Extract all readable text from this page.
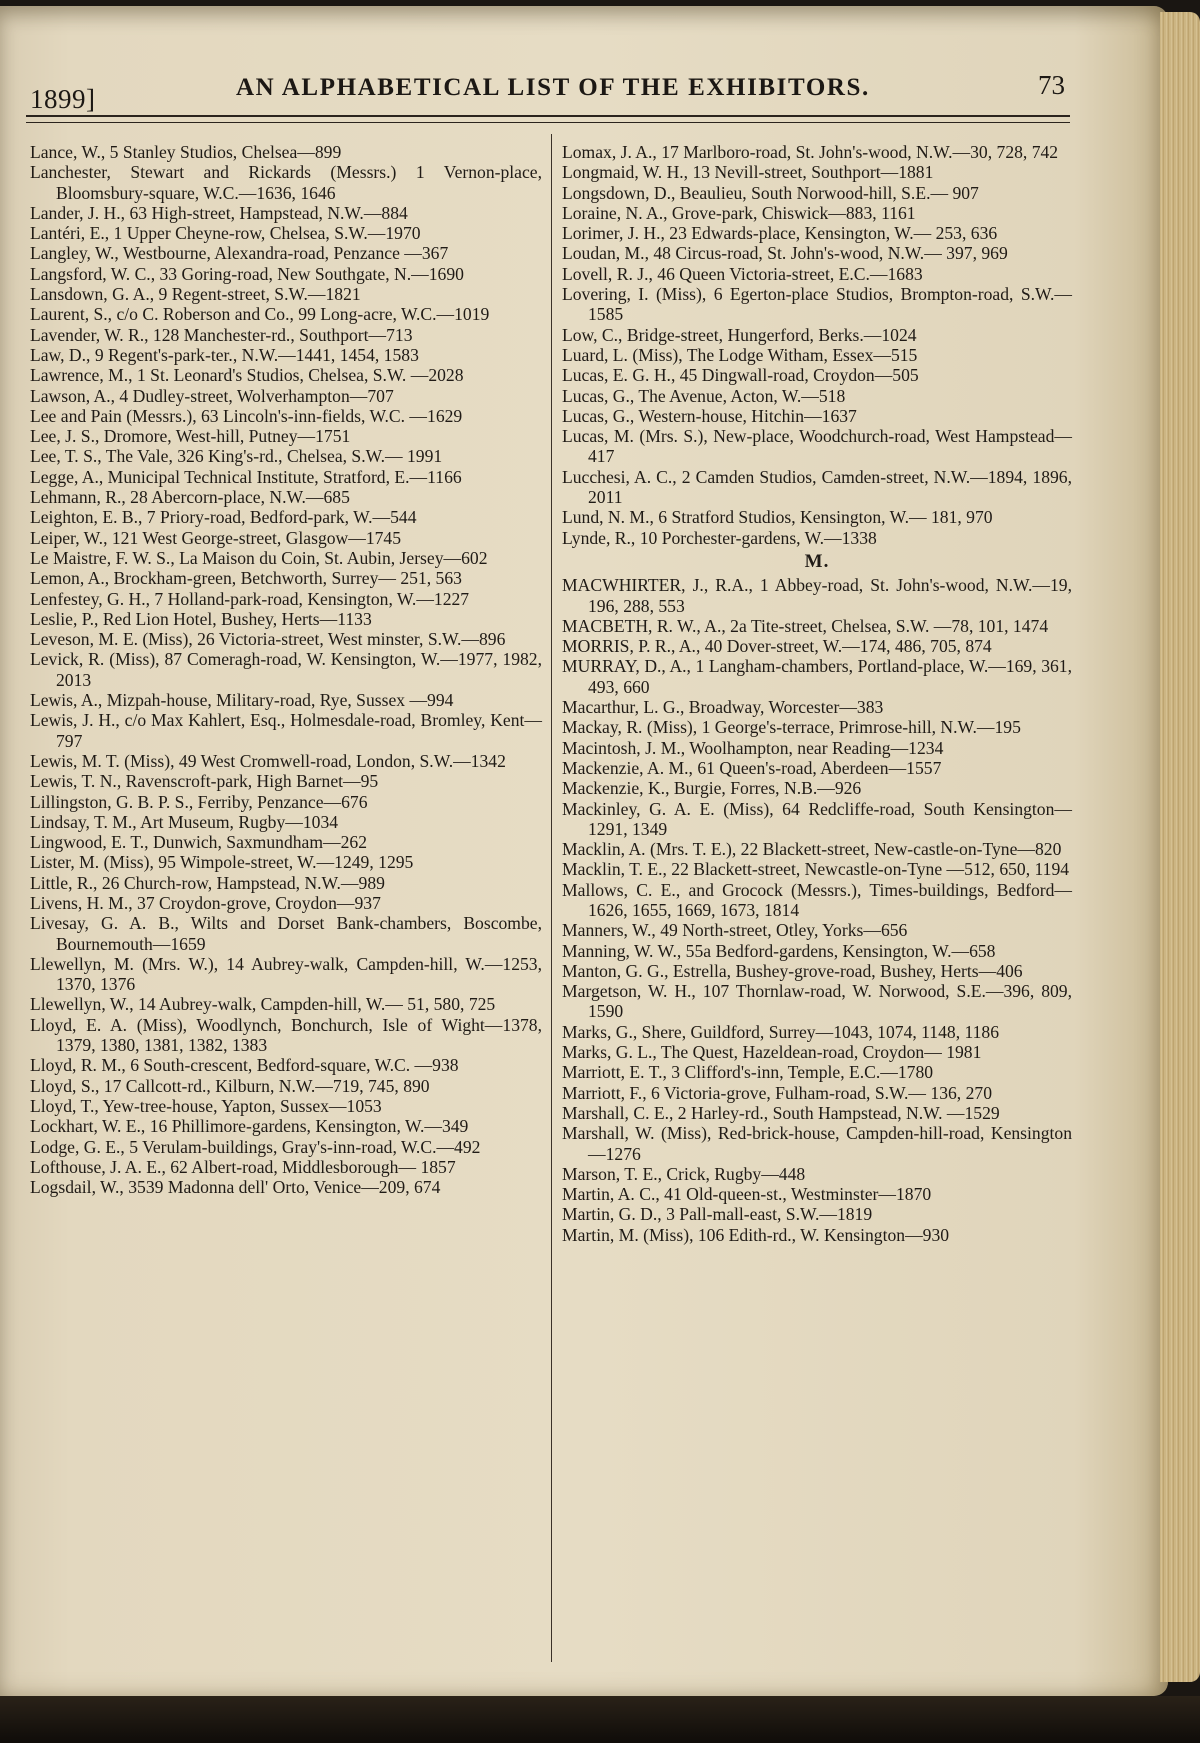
1899]	AN ALPHABETICAL LIST OF THE EXHIBITORS.	73

Lance, W., 5 Stanley Studios, Chelsea—899

Lanchester, Stewart and Rickards (Messrs.) 1 Vernon-place, Bloomsbury-square, W.C.—1636, 1646

Lander, J. H., 63 High-street, Hampstead, N.W.—884

Lantéri, E., 1 Upper Cheyne-row, Chelsea, S.W.—1970

Langley, W., Westbourne, Alexandra-road, Penzance —367

Langsford, W. C., 33 Goring-road, New Southgate, N.—1690

Lansdown, G. A., 9 Regent-street, S.W.—1821

Laurent, S., c/o C. Roberson and Co., 99 Long-acre, W.C.—1019

Lavender, W. R., 128 Manchester-rd., Southport—713

Law, D., 9 Regent's-park-ter., N.W.—1441, 1454, 1583

Lawrence, M., 1 St. Leonard's Studios, Chelsea, S.W. —2028

Lawson, A., 4 Dudley-street, Wolverhampton—707

Lee and Pain (Messrs.), 63 Lincoln's-inn-fields, W.C. —1629

Lee, J. S., Dromore, West-hill, Putney—1751

Lee, T. S., The Vale, 326 King's-rd., Chelsea, S.W.— 1991

Legge, A., Municipal Technical Institute, Stratford, E.—1166

Lehmann, R., 28 Abercorn-place, N.W.—685

Leighton, E. B., 7 Priory-road, Bedford-park, W.—544

Leiper, W., 121 West George-street, Glasgow—1745

Le Maistre, F. W. S., La Maison du Coin, St. Aubin, Jersey—602

Lemon, A., Brockham-green, Betchworth, Surrey— 251, 563

Lenfestey, G. H., 7 Holland-park-road, Kensington, W.—1227

Leslie, P., Red Lion Hotel, Bushey, Herts—1133

Leveson, M. E. (Miss), 26 Victoria-street, West minster, S.W.—896

Levick, R. (Miss), 87 Comeragh-road, W. Kensington, W.—1977, 1982, 2013

Lewis, A., Mizpah-house, Military-road, Rye, Sussex —994

Lewis, J. H., c/o Max Kahlert, Esq., Holmesdale-road, Bromley, Kent—797

Lewis, M. T. (Miss), 49 West Cromwell-road, London, S.W.—1342

Lewis, T. N., Ravenscroft-park, High Barnet—95

Lillingston, G. B. P. S., Ferriby, Penzance—676

Lindsay, T. M., Art Museum, Rugby—1034

Lingwood, E. T., Dunwich, Saxmundham—262

Lister, M. (Miss), 95 Wimpole-street, W.—1249, 1295

Little, R., 26 Church-row, Hampstead, N.W.—989

Livens, H. M., 37 Croydon-grove, Croydon—937

Livesay, G. A. B., Wilts and Dorset Bank-chambers, Boscombe, Bournemouth—1659

Llewellyn, M. (Mrs. W.), 14 Aubrey-walk, Campden-hill, W.—1253, 1370, 1376

Llewellyn, W., 14 Aubrey-walk, Campden-hill, W.— 51, 580, 725

Lloyd, E. A. (Miss), Woodlynch, Bonchurch, Isle of Wight—1378, 1379, 1380, 1381, 1382, 1383

Lloyd, R. M., 6 South-crescent, Bedford-square, W.C. —938

Lloyd, S., 17 Callcott-rd., Kilburn, N.W.—719, 745, 890

Lloyd, T., Yew-tree-house, Yapton, Sussex—1053

Lockhart, W. E., 16 Phillimore-gardens, Kensington, W.—349

Lodge, G. E., 5 Verulam-buildings, Gray's-inn-road, W.C.—492

Lofthouse, J. A. E., 62 Albert-road, Middlesborough— 1857

Logsdail, W., 3539 Madonna dell' Orto, Venice—209, 674

Lomax, J. A., 17 Marlboro-road, St. John's-wood, N.W.—30, 728, 742

Longmaid, W. H., 13 Nevill-street, Southport—1881

Longsdown, D., Beaulieu, South Norwood-hill, S.E.— 907

Loraine, N. A., Grove-park, Chiswick—883, 1161

Lorimer, J. H., 23 Edwards-place, Kensington, W.— 253, 636

Loudan, M., 48 Circus-road, St. John's-wood, N.W.— 397, 969

Lovell, R. J., 46 Queen Victoria-street, E.C.—1683

Lovering, I. (Miss), 6 Egerton-place Studios, Brompton-road, S.W.—1585

Low, C., Bridge-street, Hungerford, Berks.—1024

Luard, L. (Miss), The Lodge Witham, Essex—515

Lucas, E. G. H., 45 Dingwall-road, Croydon—505

Lucas, G., The Avenue, Acton, W.—518

Lucas, G., Western-house, Hitchin—1637

Lucas, M. (Mrs. S.), New-place, Woodchurch-road, West Hampstead—417

Lucchesi, A. C., 2 Camden Studios, Camden-street, N.W.—1894, 1896, 2011

Lund, N. M., 6 Stratford Studios, Kensington, W.— 181, 970

Lynde, R., 10 Porchester-gardens, W.—1338

M.

MACWHIRTER, J., R.A., 1 Abbey-road, St. John's-wood, N.W.—19, 196, 288, 553

MACBETH, R. W., A., 2a Tite-street, Chelsea, S.W. —78, 101, 1474

MORRIS, P. R., A., 40 Dover-street, W.—174, 486, 705, 874

MURRAY, D., A., 1 Langham-chambers, Portland-place, W.—169, 361, 493, 660

Macarthur, L. G., Broadway, Worcester—383

Mackay, R. (Miss), 1 George's-terrace, Primrose-hill, N.W.—195

Macintosh, J. M., Woolhampton, near Reading—1234

Mackenzie, A. M., 61 Queen's-road, Aberdeen—1557

Mackenzie, K., Burgie, Forres, N.B.—926

Mackinley, G. A. E. (Miss), 64 Redcliffe-road, South Kensington—1291, 1349

Macklin, A. (Mrs. T. E.), 22 Blackett-street, New-castle-on-Tyne—820

Macklin, T. E., 22 Blackett-street, Newcastle-on-Tyne —512, 650, 1194

Mallows, C. E., and Grocock (Messrs.), Times-buildings, Bedford—1626, 1655, 1669, 1673, 1814

Manners, W., 49 North-street, Otley, Yorks—656

Manning, W. W., 55a Bedford-gardens, Kensington, W.—658

Manton, G. G., Estrella, Bushey-grove-road, Bushey, Herts—406

Margetson, W. H., 107 Thornlaw-road, W. Norwood, S.E.—396, 809, 1590

Marks, G., Shere, Guildford, Surrey—1043, 1074, 1148, 1186

Marks, G. L., The Quest, Hazeldean-road, Croydon— 1981

Marriott, E. T., 3 Clifford's-inn, Temple, E.C.—1780

Marriott, F., 6 Victoria-grove, Fulham-road, S.W.— 136, 270

Marshall, C. E., 2 Harley-rd., South Hampstead, N.W. —1529

Marshall, W. (Miss), Red-brick-house, Campden-hill-road, Kensington—1276

Marson, T. E., Crick, Rugby—448

Martin, A. C., 41 Old-queen-st., Westminster—1870

Martin, G. D., 3 Pall-mall-east, S.W.—1819

Martin, M. (Miss), 106 Edith-rd., W. Kensington—930
